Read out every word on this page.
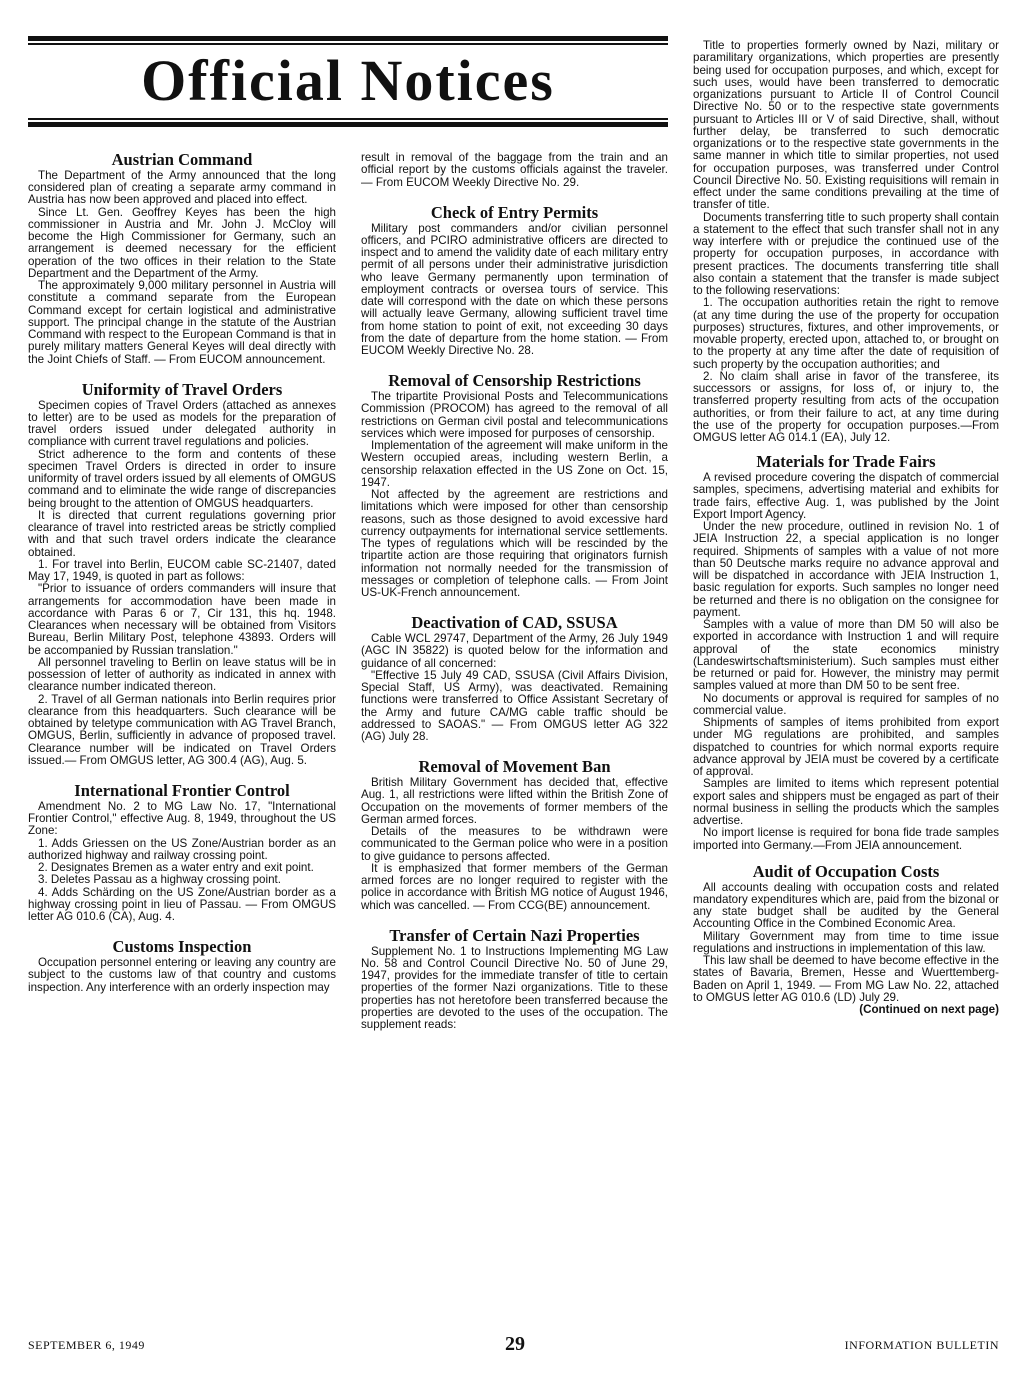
Official Notices
Austrian Command

The Department of the Army announced that the long considered plan of creating a separate army command in Austria has now been approved and placed into effect.

Since Lt. Gen. Geoffrey Keyes has been the high commissioner in Austria and Mr. John J. McCloy will become the High Commissioner for Germany, such an arrangement is deemed necessary for the efficient operation of the two offices in their relation to the State Department and the Department of the Army.

The approximately 9,000 military personnel in Austria will constitute a command separate from the European Command except for certain logistical and administrative support. The principal change in the statute of the Austrian Command with respect to the European Command is that in purely military matters General Keyes will deal directly with the Joint Chiefs of Staff. — From EUCOM announcement.

Uniformity of Travel Orders

Specimen copies of Travel Orders (attached as annexes to letter) are to be used as models for the preparation of travel orders issued under delegated authority in compliance with current travel regulations and policies.

Strict adherence to the form and contents of these specimen Travel Orders is directed in order to insure uniformity of travel orders issued by all elements of OMGUS command and to eliminate the wide range of discrepancies being brought to the attention of OMGUS headquarters.

It is directed that current regulations governing prior clearance of travel into restricted areas be strictly complied with and that such travel orders indicate the clearance obtained.

1. For travel into Berlin, EUCOM cable SC-21407, dated May 17, 1949, is quoted in part as follows:

"Prior to issuance of orders commanders will insure that arrangements for accommodation have been made in accordance with Paras 6 or 7, Cir 131, this hq. 1948. Clearances when necessary will be obtained from Visitors Bureau, Berlin Military Post, telephone 43893. Orders will be accompanied by Russian translation."

All personnel traveling to Berlin on leave status will be in possession of letter of authority as indicated in annex with clearance number indicated thereon.

2. Travel of all German nationals into Berlin requires prior clearance from this headquarters. Such clearance will be obtained by teletype communication with AG Travel Branch, OMGUS, Berlin, sufficiently in advance of proposed travel. Clearance number will be indicated on Travel Orders issued.— From OMGUS letter, AG 300.4 (AG), Aug. 5.

International Frontier Control

Amendment No. 2 to MG Law No. 17, "International Frontier Control," effective Aug. 8, 1949, throughout the US Zone:

1. Adds Griessen on the US Zone/Austrian border as an authorized highway and railway crossing point.

2. Designates Bremen as a water entry and exit point.

3. Deletes Passau as a highway crossing point.

4. Adds Schärding on the US Zone/Austrian border as a highway crossing point in lieu of Passau. — From OMGUS letter AG 010.6 (CA), Aug. 4.

Customs Inspection

Occupation personnel entering or leaving any country are subject to the customs law of that country and customs inspection. Any interference with an orderly inspection may

result in removal of the baggage from the train and an official report by the customs officials against the traveler. — From EUCOM Weekly Directive No. 29.

Check of Entry Permits

Military post commanders and/or civilian personnel officers, and PCIRO administrative officers are directed to inspect and to amend the validity date of each military entry permit of all persons under their administrative jurisdiction who leave Germany permanently upon termination of employment contracts or oversea tours of service. This date will correspond with the date on which these persons will actually leave Germany, allowing sufficient travel time from home station to point of exit, not exceeding 30 days from the date of departure from the home station. — From EUCOM Weekly Directive No. 28.

Removal of Censorship Restrictions

The tripartite Provisional Posts and Telecommunications Commission (PROCOM) has agreed to the removal of all restrictions on German civil postal and telecommunications services which were imposed for purposes of censorship.

Implementation of the agreement will make uniform in the Western occupied areas, including western Berlin, a censorship relaxation effected in the US Zone on Oct. 15, 1947.

Not affected by the agreement are restrictions and limitations which were imposed for other than censorship reasons, such as those designed to avoid excessive hard currency outpayments for international service settlements. The types of regulations which will be rescinded by the tripartite action are those requiring that originators furnish information not normally needed for the transmission of messages or completion of telephone calls. — From Joint US-UK-French announcement.

Deactivation of CAD, SSUSA

Cable WCL 29747, Department of the Army, 26 July 1949 (AGC IN 35822) is quoted below for the information and guidance of all concerned:

"Effective 15 July 49 CAD, SSUSA (Civil Affairs Division, Special Staff, US Army), was deactivated. Remaining functions were transferred to Office Assistant Secretary of the Army and future CA/MG cable traffic should be addressed to SAOAS." — From OMGUS letter AG 322 (AG) July 28.

Removal of Movement Ban

British Military Government has decided that, effective Aug. 1, all restrictions were lifted within the British Zone of Occupation on the movements of former members of the German armed forces.

Details of the measures to be withdrawn were communicated to the German police who were in a position to give guidance to persons affected.

It is emphasized that former members of the German armed forces are no longer required to register with the police in accordance with British MG notice of August 1946, which was cancelled. — From CCG(BE) announcement.

Transfer of Certain Nazi Properties

Supplement No. 1 to Instructions Implementing MG Law No. 58 and Control Council Directive No. 50 of June 29, 1947, provides for the immediate transfer of title to certain properties of the former Nazi organizations. Title to these properties has not heretofore been transferred because the properties are devoted to the uses of the occupation. The supplement reads:

Title to properties formerly owned by Nazi, military or paramilitary organizations, which properties are presently being used for occupation purposes, and which, except for such uses, would have been transferred to democratic organizations pursuant to Article II of Control Council Directive No. 50 or to the respective state governments pursuant to Articles III or V of said Directive, shall, without further delay, be transferred to such democratic organizations or to the respective state governments in the same manner in which title to similar properties, not used for occupation purposes, was transferred under Control Council Directive No. 50. Existing requisitions will remain in effect under the same conditions prevailing at the time of transfer of title.

Documents transferring title to such property shall contain a statement to the effect that such transfer shall not in any way interfere with or prejudice the continued use of the property for occupation purposes, in accordance with present practices. The documents transferring title shall also contain a statement that the transfer is made subject to the following reservations:

1. The occupation authorities retain the right to remove (at any time during the use of the property for occupation purposes) structures, fixtures, and other improvements, or movable property, erected upon, attached to, or brought on to the property at any time after the date of requisition of such property by the occupation authorities; and

2. No claim shall arise in favor of the transferee, its successors or assigns, for loss of, or injury to, the transferred property resulting from acts of the occupation authorities, or from their failure to act, at any time during the use of the property for occupation purposes.—From OMGUS letter AG 014.1 (EA), July 12.

Materials for Trade Fairs

A revised procedure covering the dispatch of commercial samples, specimens, advertising material and exhibits for trade fairs, effective Aug. 1, was published by the Joint Export Import Agency.

Under the new procedure, outlined in revision No. 1 of JEIA Instruction 22, a special application is no longer required. Shipments of samples with a value of not more than 50 Deutsche marks require no advance approval and will be dispatched in accordance with JEIA Instruction 1, basic regulation for exports. Such samples no longer need be returned and there is no obligation on the consignee for payment.

Samples with a value of more than DM 50 will also be exported in accordance with Instruction 1 and will require approval of the state economics ministry (Landeswirtschaftsministerium). Such samples must either be returned or paid for. However, the ministry may permit samples valued at more than DM 50 to be sent free.

No documents or approval is required for samples of no commercial value.

Shipments of samples of items prohibited from export under MG regulations are prohibited, and samples dispatched to countries for which normal exports require advance approval by JEIA must be covered by a certificate of approval.

Samples are limited to items which represent potential export sales and shippers must be engaged as part of their normal business in selling the products which the samples advertise.

No import license is required for bona fide trade samples imported into Germany.—From JEIA announcement.

Audit of Occupation Costs

All accounts dealing with occupation costs and related mandatory expenditures which are, paid from the bizonal or any state budget shall be audited by the General Accounting Office in the Combined Economic Area.

Military Government may from time to time issue regulations and instructions in implementation of this law.

This law shall be deemed to have become effective in the states of Bavaria, Bremen, Hesse and Wuerttemberg-Baden on April 1, 1949. — From MG Law No. 22, attached to OMGUS letter AG 010.6 (LD) July 29.

(Continued on next page)

SEPTEMBER 6, 1949	29	INFORMATION BULLETIN
